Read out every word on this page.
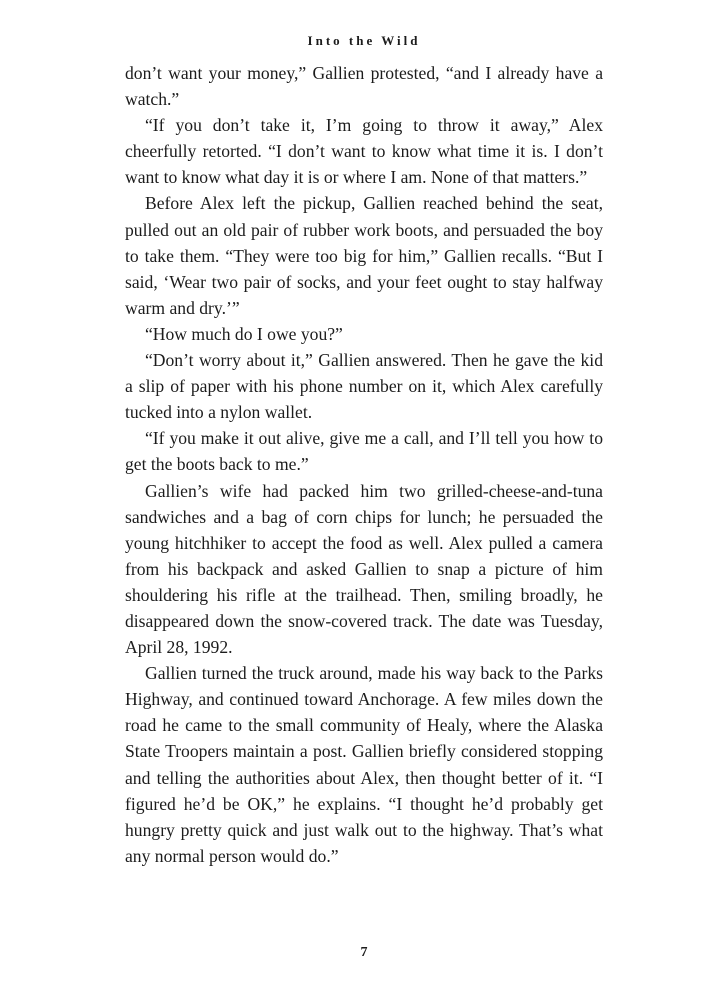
Into the Wild

don’t want your money,” Gallien protested, “and I already have a watch.”

“If you don’t take it, I’m going to throw it away,” Alex cheerfully retorted. “I don’t want to know what time it is. I don’t want to know what day it is or where I am. None of that matters.”

Before Alex left the pickup, Gallien reached behind the seat, pulled out an old pair of rubber work boots, and persuaded the boy to take them. “They were too big for him,” Gallien recalls. “But I said, ‘Wear two pair of socks, and your feet ought to stay halfway warm and dry.’”

“How much do I owe you?”

“Don’t worry about it,” Gallien answered. Then he gave the kid a slip of paper with his phone number on it, which Alex carefully tucked into a nylon wallet.

“If you make it out alive, give me a call, and I’ll tell you how to get the boots back to me.”

Gallien’s wife had packed him two grilled-cheese-and-tuna sandwiches and a bag of corn chips for lunch; he persuaded the young hitchhiker to accept the food as well. Alex pulled a camera from his backpack and asked Gallien to snap a picture of him shouldering his rifle at the trailhead. Then, smiling broadly, he disappeared down the snow-covered track. The date was Tuesday, April 28, 1992.

Gallien turned the truck around, made his way back to the Parks Highway, and continued toward Anchorage. A few miles down the road he came to the small community of Healy, where the Alaska State Troopers maintain a post. Gallien briefly considered stopping and telling the authorities about Alex, then thought better of it. “I figured he’d be OK,” he explains. “I thought he’d probably get hungry pretty quick and just walk out to the highway. That’s what any normal person would do.”

7
